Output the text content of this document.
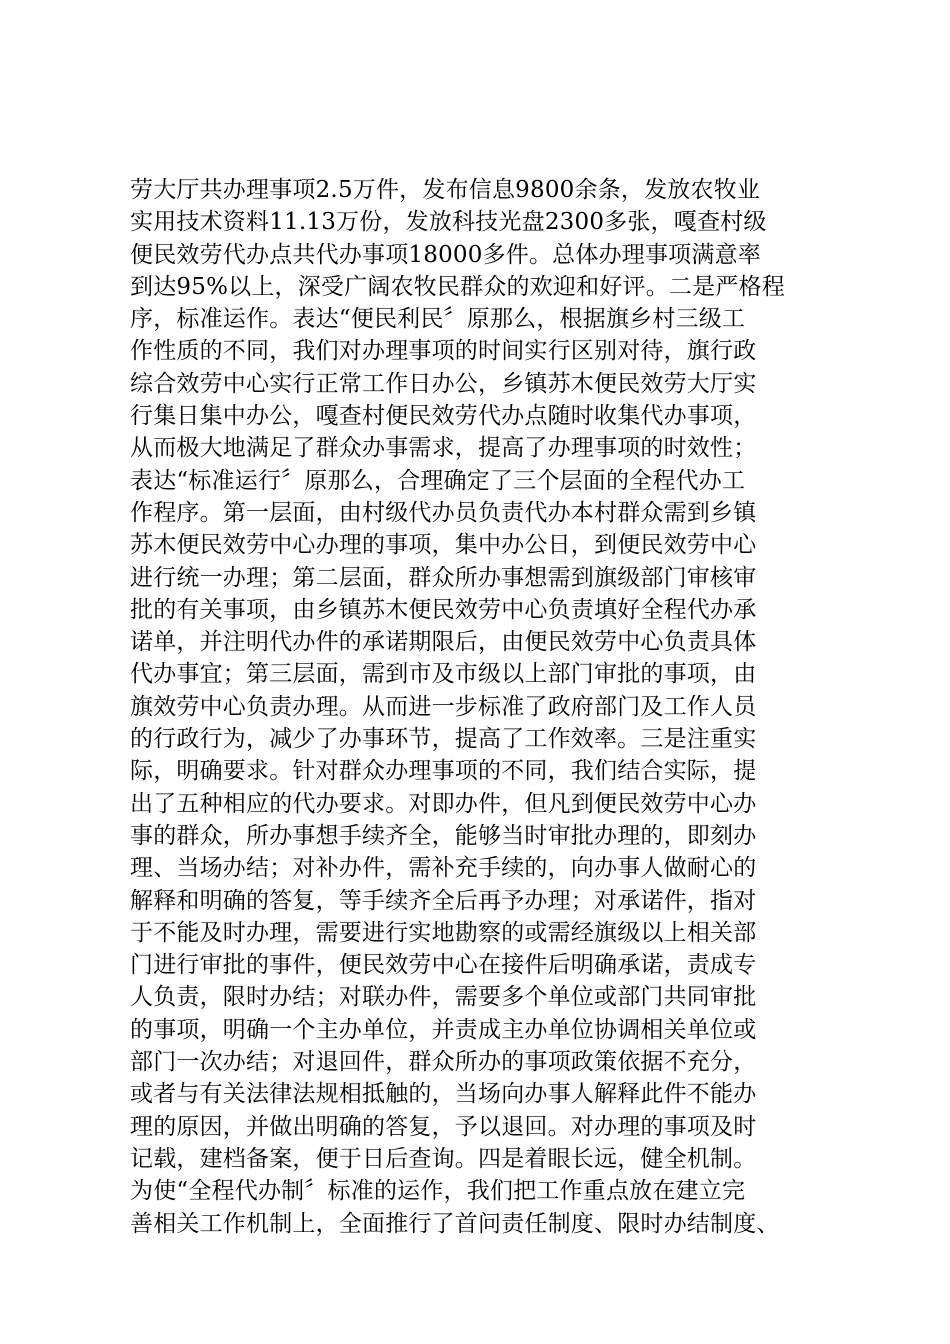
劳大厅共办理事项2.5万件，发布信息9800余条，发放农牧业
实用技术资料11.13万份，发放科技光盘2300多张，嘎查村级
便民效劳代办点共代办事项18000多件。总体办理事项满意率
到达95%以上，深受广阔农牧民群众的欢迎和好评。二是严格程
序，标准运作。表达“便民利民〞原那么，根据旗乡村三级工
作性质的不同，我们对办理事项的时间实行区别对待，旗行政
综合效劳中心实行正常工作日办公，乡镇苏木便民效劳大厅实
行集日集中办公，嘎查村便民效劳代办点随时收集代办事项，
从而极大地满足了群众办事需求，提高了办理事项的时效性；
表达“标准运行〞原那么，合理确定了三个层面的全程代办工
作程序。第一层面，由村级代办员负责代办本村群众需到乡镇
苏木便民效劳中心办理的事项，集中办公日，到便民效劳中心
进行统一办理；第二层面，群众所办事想需到旗级部门审核审
批的有关事项，由乡镇苏木便民效劳中心负责填好全程代办承
诺单，并注明代办件的承诺期限后，由便民效劳中心负责具体
代办事宜；第三层面，需到市及市级以上部门审批的事项，由
旗效劳中心负责办理。从而进一步标准了政府部门及工作人员
的行政行为，减少了办事环节，提高了工作效率。三是注重实
际，明确要求。针对群众办理事项的不同，我们结合实际，提
出了五种相应的代办要求。对即办件，但凡到便民效劳中心办
事的群众，所办事想手续齐全，能够当时审批办理的，即刻办
理、当场办结；对补办件，需补充手续的，向办事人做耐心的
解释和明确的答复，等手续齐全后再予办理；对承诺件，指对
于不能及时办理，需要进行实地勘察的或需经旗级以上相关部
门进行审批的事件，便民效劳中心在接件后明确承诺，责成专
人负责，限时办结；对联办件，需要多个单位或部门共同审批
的事项，明确一个主办单位，并责成主办单位协调相关单位或
部门一次办结；对退回件，群众所办的事项政策依据不充分，
或者与有关法律法规相抵触的，当场向办事人解释此件不能办
理的原因，并做出明确的答复，予以退回。对办理的事项及时
记载，建档备案，便于日后查询。四是着眼长远，健全机制。
为使“全程代办制〞标准的运作，我们把工作重点放在建立完
善相关工作机制上，全面推行了首问责任制度、限时办结制度、
